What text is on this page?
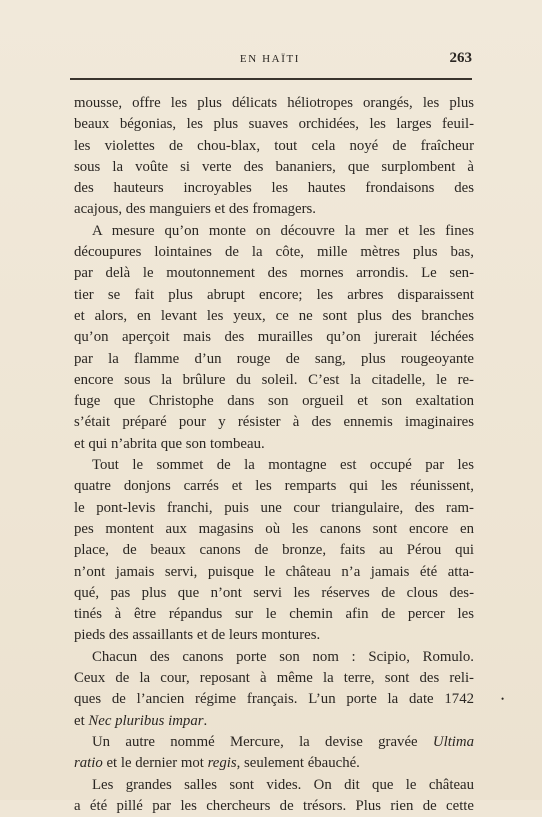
EN HAÏTI	263
mousse, offre les plus délicats héliotropes orangés, les plus
beaux bégonias, les plus suaves orchidées, les larges feuil-
les violettes de chou-blax, tout cela noyé de fraîcheur
sous la voûte si verte des bananiers, que surplombent à
des hauteurs incroyables les hautes frondaisons des
acajous, des manguiers et des fromagers.
A mesure qu’on monte on découvre la mer et les fines
découpures lointaines de la côte, mille mètres plus bas,
par delà le moutonnement des mornes arrondis. Le sen-
tier se fait plus abrupt encore; les arbres disparaissent
et alors, en levant les yeux, ce ne sont plus des branches
qu’on aperçoit mais des murailles qu’on jurerait léchées
par la flamme d’un rouge de sang, plus rougeoyante
encore sous la brûlure du soleil. C’est la citadelle, le re-
fuge que Christophe dans son orgueil et son exaltation
s’était préparé pour y résister à des ennemis imaginaires
et qui n’abrita que son tombeau.
Tout le sommet de la montagne est occupé par les
quatre donjons carrés et les remparts qui les réunissent,
le pont-levis franchi, puis une cour triangulaire, des ram-
pes montent aux magasins où les canons sont encore en
place, de beaux canons de bronze, faits au Pérou qui
n’ont jamais servi, puisque le château n’a jamais été atta-
qué, pas plus que n’ont servi les réserves de clous des-
tinés à être répandus sur le chemin afin de percer les
pieds des assaillants et de leurs montures.
Chacun des canons porte son nom : Scipio, Romulo.
Ceux de la cour, reposant à même la terre, sont des reli-
ques de l’ancien régime français. L’un porte la date 1742
et Nec pluribus impar.
Un autre nommé Mercure, la devise gravée Ultima
ratio et le dernier mot regis, seulement ébauché.
Les grandes salles sont vides. On dit que le château
a été pillé par les chercheurs de trésors. Plus rien de cette
•
